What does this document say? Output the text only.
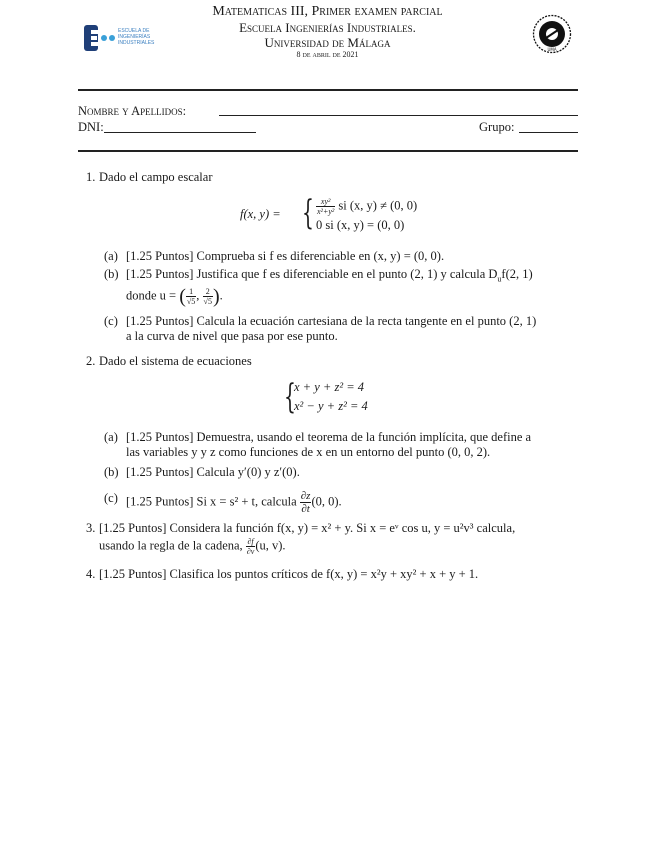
ESCUELA DE
INGENIERÍAS
INDUSTRIALES
UMA
Matematicas III, Primer examen parcial
Escuela Ingenierías Industriales.
Universidad de Málaga
8 de abril de 2021
Nombre y Apellidos:
DNI:	Grupo:
1. Dado el campo escalar
f(x, y) = { $\frac{\text{xy²}}{\text{x²+y²}}$ si (x, y) ≠ (0, 0)
0 si (x, y) = (0, 0)
(a) [1.25 Puntos] Comprueba si f es diferenciable en (x, y) = (0, 0).
(b) [1.25 Puntos] Justifica que f es diferenciable en el punto (2, 1) y calcula $D_uf(2$, 1)
donde u = ( $\frac{1}{√5}$ , $\frac{2}{√5}$ ).
(c) [1.25 Puntos] Calcula la ecuación cartesiana de la recta tangente en el punto (2, 1)
a la curva de nivel que pasa por ese punto.
2. Dado el sistema de ecuaciones
{
x + y + z² = 4
x² − y + z² = 4
(a) [1.25 Puntos] Demuestra, usando el teorema de la función implícita, que define a
las variables y y z como funciones de x en un entorno del punto (0, 0, 2).
(b) [1.25 Puntos] Calcula y′(0) y z′(0).
(c) [1.25 Puntos] Si x = s² + t, calcula $\frac{\partial z}{\partial t} (0$, 0).
3. [1.25 Puntos] Considera la función f(x, y) = x² + y. Si x = eᵛ cos u, y = u²v³ calcula,
usando la regla de la cadena, $\frac{\partial f}{\partial v} (u$, v).
4. [1.25 Puntos] Clasifica los puntos críticos de f(x, y) = x²y + xy² + x + y + 1.
